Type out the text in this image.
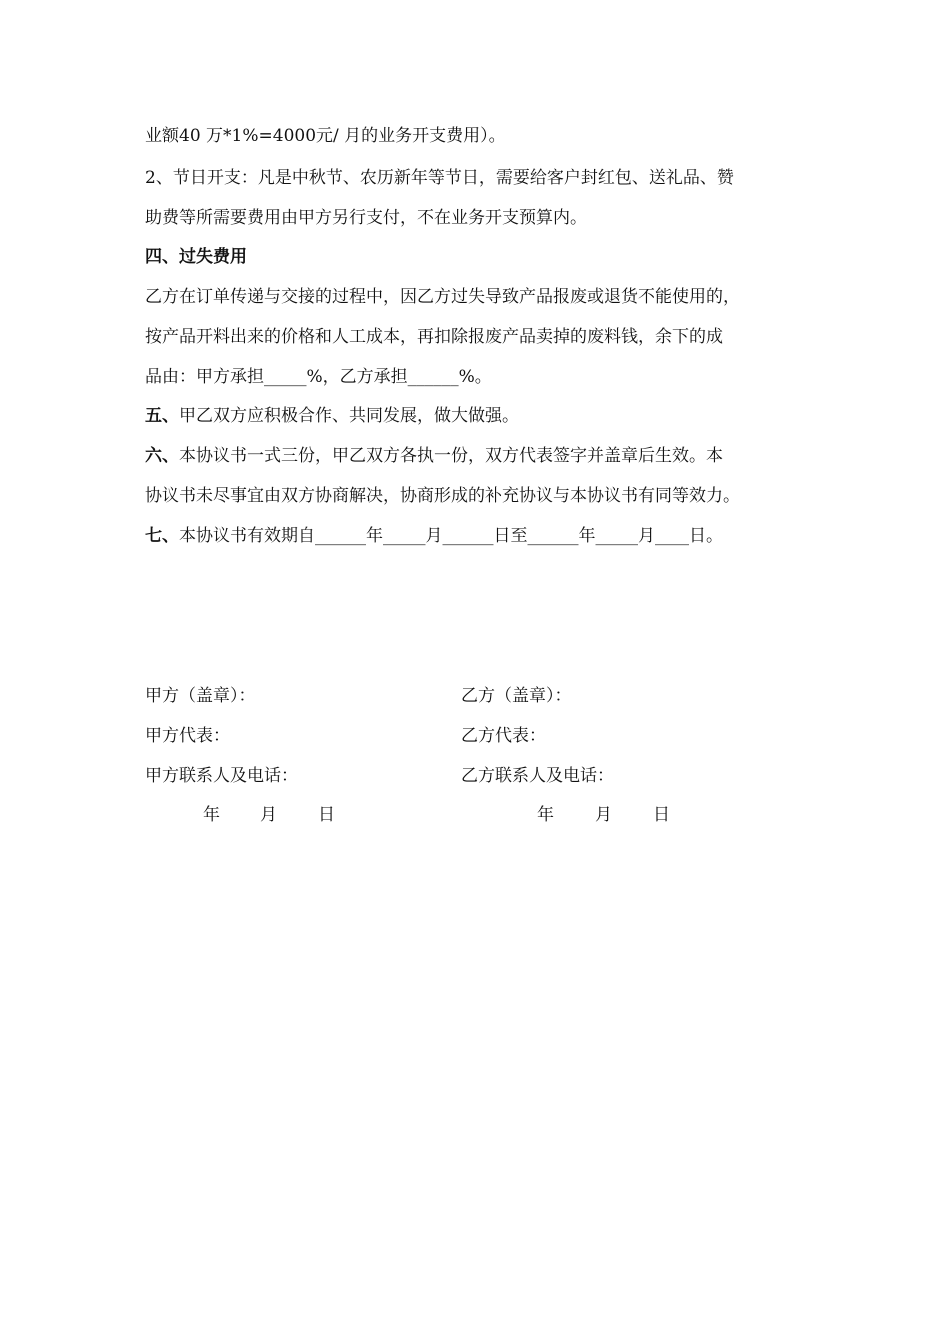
业额40 万*1%=4000元/ 月的业务开支费用）。
2、节日开支：凡是中秋节、农历新年等节日，需要给客户封红包、送礼品、赞
助费等所需要费用由甲方另行支付，不在业务开支预算内。
四、过失费用
乙方在订单传递与交接的过程中，因乙方过失导致产品报废或退货不能使用的，
按产品开料出来的价格和人工成本，再扣除报废产品卖掉的废料钱，余下的成
品由：甲方承担_____%，乙方承担______%。
五、甲乙双方应积极合作、共同发展，做大做强。
六、本协议书一式三份，甲乙双方各执一份，双方代表签字并盖章后生效。本
协议书未尽事宜由双方协商解决，协商形成的补充协议与本协议书有同等效力。
七、本协议书有效期自______年_____月______日至______年_____月____日。
甲方（盖章）：	乙方（盖章）：
甲方代表：	乙方代表：
甲方联系人及电话：	乙方联系人及电话：
年 月 日	年 月 日
